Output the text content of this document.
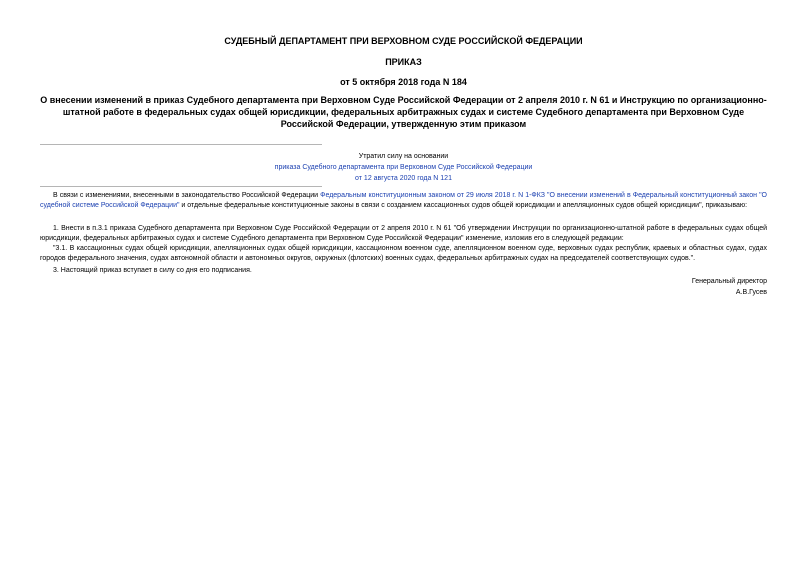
СУДЕБНЫЙ ДЕПАРТАМЕНТ ПРИ ВЕРХОВНОМ СУДЕ РОССИЙСКОЙ ФЕДЕРАЦИИ
ПРИКАЗ
от 5 октября 2018 года N 184
О внесении изменений в приказ Судебного департамента при Верховном Суде Российской Федерации от 2 апреля 2010 г. N 61 и Инструкцию по организационно-штатной работе в федеральных судах общей юрисдикции, федеральных арбитражных судах и системе Судебного департамента при Верховном Суде Российской Федерации, утвержденную этим приказом
Утратил силу на основании
приказа Судебного департамента при Верховном Суде Российской Федерации
от 12 августа 2020 года N 121

В связи с изменениями, внесенными в законодательство Российской Федерации Федеральным конституционным законом от 29 июля 2018 г. N 1-ФКЗ "О внесении изменений в Федеральный конституционный закон "О судебной системе Российской Федерации" и отдельные федеральные конституционные законы в связи с созданием кассационных судов общей юрисдикции и апелляционных судов общей юрисдикции", приказываю:

1. Внести в п.3.1 приказа Судебного департамента при Верховном Суде Российской Федерации от 2 апреля 2010 г. N 61 "Об утверждении Инструкции по организационно-штатной работе в федеральных судах общей юрисдикции, федеральных арбитражных судах и системе Судебного департамента при Верховном Суде Российской Федерации" изменение, изложив его в следующей редакции:

"3.1. В кассационных судах общей юрисдикции, апелляционных судах общей юрисдикции, кассационном военном суде, апелляционном военном суде, верховных судах республик, краевых и областных судах, судах городов федерального значения, судах автономной области и автономных округов, окружных (флотских) военных судах, федеральных арбитражных судах на председателей соответствующих судов.".

3. Настоящий приказ вступает в силу со дня его подписания.

Генеральный директор
А.В.Гусев
